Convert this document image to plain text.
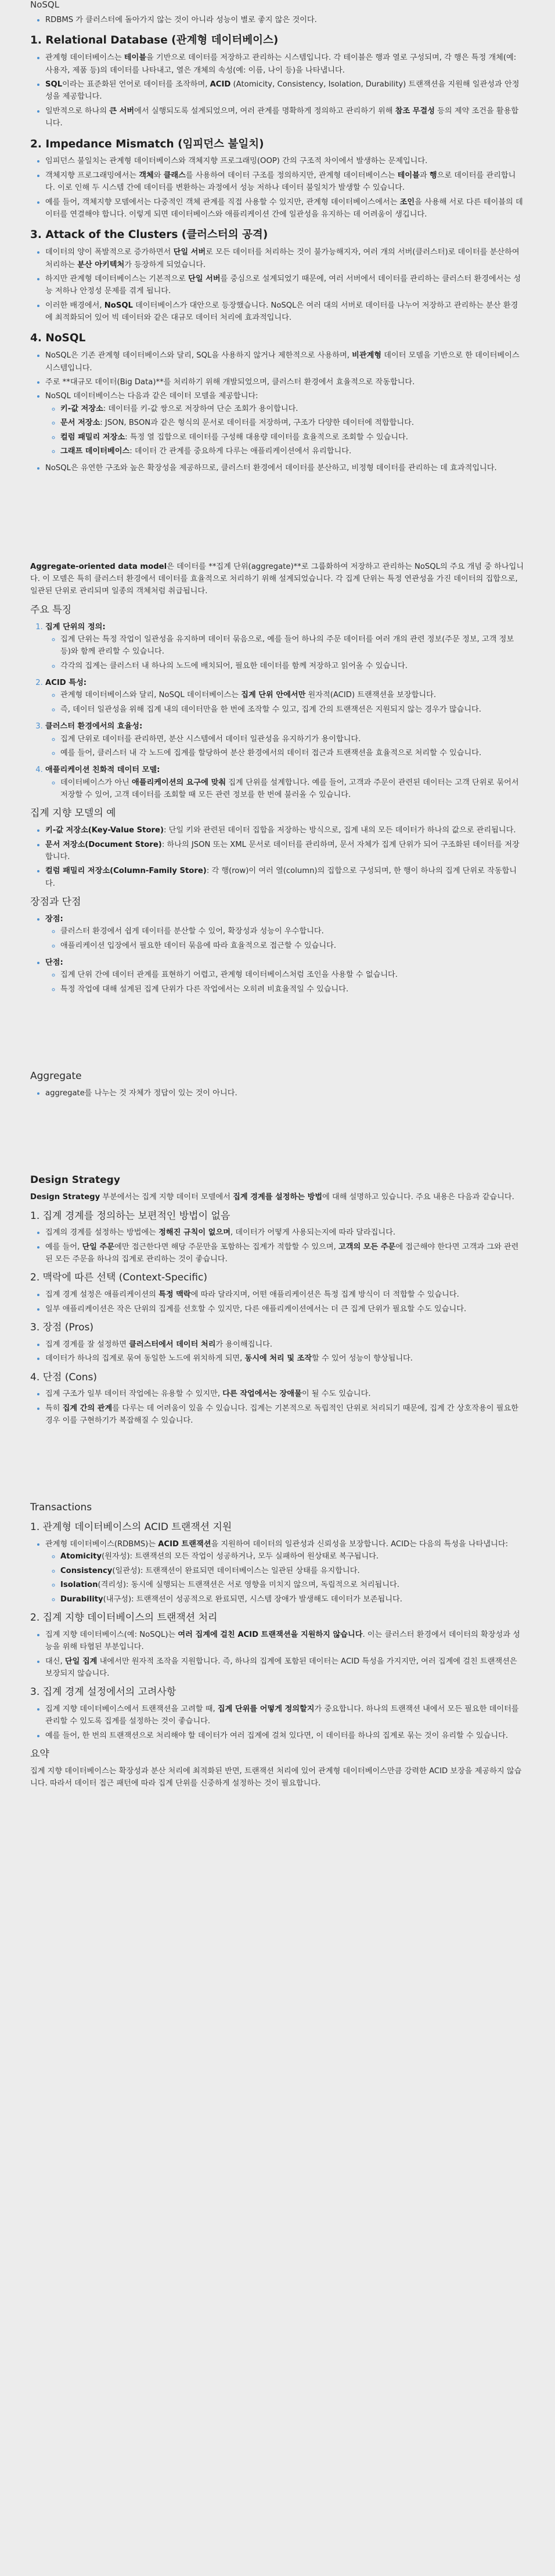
NoSQL
• RDBMS 가 클러스터에 돌아가지 않는 것이 아니라 성능이 별로 좋지 않은 것이다.
1. Relational Database (관계형 데이터베이스)
• 관계형 데이터베이스는 테이블을 기반으로 데이터를 저장하고 관리하는 시스템입니다. 각 테이블은 행과 열로 구성되며, 각 행은 특정 개체(예: 사용자, 제품 등)의 데이터를 나타내고, 열은 개체의 속성(예: 이름, 나이 등)을 나타냅니다.
• SQL이라는 표준화된 언어로 데이터를 조작하며, ACID (Atomicity, Consistency, Isolation, Durability) 트랜잭션을 지원해 일관성과 안정성을 제공합니다.
• 일반적으로 하나의 큰 서버에서 실행되도록 설계되었으며, 여러 관계를 명확하게 정의하고 관리하기 위해 참조 무결성 등의 제약 조건을 활용합니다.
2. Impedance Mismatch (임피던스 불일치)
• 임피던스 불일치는 관계형 데이터베이스와 객체지향 프로그래밍(OOP) 간의 구조적 차이에서 발생하는 문제입니다.
• 객체지향 프로그래밍에서는 객체와 클래스를 사용하여 데이터 구조를 정의하지만, 관계형 데이터베이스는 테이블과 행으로 데이터를 관리합니다. 이로 인해 두 시스템 간에 데이터를 변환하는 과정에서 성능 저하나 데이터 불일치가 발생할 수 있습니다.
• 예를 들어, 객체지향 모델에서는 다중적인 객체 관계를 직접 사용할 수 있지만, 관계형 데이터베이스에서는 조인을 사용해 서로 다른 테이블의 데이터를 연결해야 합니다. 이렇게 되면 데이터베이스와 애플리케이션 간에 일관성을 유지하는 데 어려움이 생깁니다.
3. Attack of the Clusters (클러스터의 공격)
• 데이터의 양이 폭발적으로 증가하면서 단일 서버로 모든 데이터를 처리하는 것이 불가능해지자, 여러 개의 서버(클러스터)로 데이터를 분산하여 처리하는 분산 아키텍처가 등장하게 되었습니다.
• 하지만 관계형 데이터베이스는 기본적으로 단일 서버를 중심으로 설계되었기 때문에, 여러 서버에서 데이터를 관리하는 클러스터 환경에서는 성능 저하나 안정성 문제를 겪게 됩니다.
• 이러한 배경에서, NoSQL 데이터베이스가 대안으로 등장했습니다. NoSQL은 여러 대의 서버로 데이터를 나누어 저장하고 관리하는 분산 환경에 최적화되어 있어 빅 데이터와 같은 대규모 데이터 처리에 효과적입니다.
4. NoSQL
• NoSQL은 기존 관계형 데이터베이스와 달리, SQL을 사용하지 않거나 제한적으로 사용하며, 비관계형 데이터 모델을 기반으로 한 데이터베이스 시스템입니다.
• 주로 **대규모 데이터(Big Data)**를 처리하기 위해 개발되었으며, 클러스터 환경에서 효율적으로 작동합니다.
• NoSQL 데이터베이스는 다음과 같은 데이터 모델을 제공합니다:
◦ 키-값 저장소: 데이터를 키-값 쌍으로 저장하여 단순 조회가 용이합니다.
◦ 문서 저장소: JSON, BSON과 같은 형식의 문서로 데이터를 저장하며, 구조가 다양한 데이터에 적합합니다.
◦ 컬럼 패밀리 저장소: 특정 열 집합으로 데이터를 구성해 대용량 데이터를 효율적으로 조회할 수 있습니다.
◦ 그래프 데이터베이스: 데이터 간 관계를 중요하게 다루는 애플리케이션에서 유리합니다.
• NoSQL은 유연한 구조와 높은 확장성을 제공하므로, 클러스터 환경에서 데이터를 분산하고, 비정형 데이터를 관리하는 데 효과적입니다.

Aggregate-oriented data model은 데이터를 **집계 단위(aggregate)**로 그룹화하여 저장하고 관리하는 NoSQL의 주요 개념 중 하나입니다. 이 모델은 특히 클러스터 환경에서 데이터를 효율적으로 처리하기 위해 설계되었습니다. 각 집계 단위는 특정 연관성을 가진 데이터의 집합으로, 일관된 단위로 관리되며 일종의 객체처럼 취급됩니다.

주요 특징
1. 집계 단위의 정의:
◦ 집계 단위는 특정 작업이 일관성을 유지하며 데이터 묶음으로, 예를 들어 하나의 주문 데이터를 여러 개의 관련 정보(주문 정보, 고객 정보 등)와 함께 관리할 수 있습니다.
◦ 각각의 집계는 클러스터 내 하나의 노드에 배치되어, 필요한 데이터를 함께 저장하고 읽어올 수 있습니다.
2. ACID 특성:
◦ 관계형 데이터베이스와 달리, NoSQL 데이터베이스는 집계 단위 안에서만 원자적(ACID) 트랜잭션을 보장합니다.
◦ 즉, 데이터 일관성을 위해 집계 내의 데이터만을 한 번에 조작할 수 있고, 집계 간의 트랜잭션은 지원되지 않는 경우가 많습니다.
3. 클러스터 환경에서의 효율성:
◦ 집계 단위로 데이터를 관리하면, 분산 시스템에서 데이터 일관성을 유지하기가 용이합니다.
◦ 예를 들어, 클러스터 내 각 노드에 집계를 할당하여 분산 환경에서의 데이터 접근과 트랜잭션을 효율적으로 처리할 수 있습니다.
4. 애플리케이션 친화적 데이터 모델:
◦ 데이터베이스가 아닌 애플리케이션의 요구에 맞춰 집계 단위를 설계합니다. 예를 들어, 고객과 주문이 관련된 데이터는 고객 단위로 묶어서 저장할 수 있어, 고객 데이터를 조회할 때 모든 관련 정보를 한 번에 불러올 수 있습니다.
집계 지향 모델의 예
• 키-값 저장소(Key-Value Store): 단일 키와 관련된 데이터 집합을 저장하는 방식으로, 집계 내의 모든 데이터가 하나의 값으로 관리됩니다.
• 문서 저장소(Document Store): 하나의 JSON 또는 XML 문서로 데이터를 관리하며, 문서 자체가 집계 단위가 되어 구조화된 데이터를 저장합니다.
• 컬럼 패밀리 저장소(Column-Family Store): 각 행(row)이 여러 열(column)의 집합으로 구성되며, 한 행이 하나의 집계 단위로 작동합니다.
장점과 단점
• 장점:
◦ 클러스터 환경에서 쉽게 데이터를 분산할 수 있어, 확장성과 성능이 우수합니다.
◦ 애플리케이션 입장에서 필요한 데이터 묶음에 따라 효율적으로 접근할 수 있습니다.
• 단점:
◦ 집계 단위 간에 데이터 관계를 표현하기 어렵고, 관계형 데이터베이스처럼 조인을 사용할 수 없습니다.
◦ 특정 작업에 대해 설계된 집계 단위가 다른 작업에서는 오히려 비효율적일 수 있습니다.
Aggregate
• aggregate를 나누는 것 자체가 정답이 있는 것이 아니다.
Design Strategy

Design Strategy 부분에서는 집계 지향 데이터 모델에서 집계 경계를 설정하는 방법에 대해 설명하고 있습니다. 주요 내용은 다음과 같습니다.

1. 집계 경계를 정의하는 보편적인 방법이 없음
• 집계의 경계를 설정하는 방법에는 정해진 규칙이 없으며, 데이터가 어떻게 사용되는지에 따라 달라집니다.
• 예를 들어, 단일 주문에만 접근한다면 해당 주문만을 포함하는 집계가 적합할 수 있으며, 고객의 모든 주문에 접근해야 한다면 고객과 그와 관련된 모든 주문을 하나의 집계로 관리하는 것이 좋습니다.
2. 맥락에 따른 선택 (Context-Specific)
• 집계 경계 설정은 애플리케이션의 특정 맥락에 따라 달라지며, 어떤 애플리케이션은 특정 집계 방식이 더 적합할 수 있습니다.
• 일부 애플리케이션은 작은 단위의 집계를 선호할 수 있지만, 다른 애플리케이션에서는 더 큰 집계 단위가 필요할 수도 있습니다.
3. 장점 (Pros)
• 집계 경계를 잘 설정하면 클러스터에서 데이터 처리가 용이해집니다.
• 데이터가 하나의 집계로 묶여 동일한 노드에 위치하게 되면, 동시에 처리 및 조작할 수 있어 성능이 향상됩니다.
4. 단점 (Cons)
• 집계 구조가 일부 데이터 작업에는 유용할 수 있지만, 다른 작업에서는 장애물이 될 수도 있습니다.
• 특히 집계 간의 관계를 다루는 데 어려움이 있을 수 있습니다. 집계는 기본적으로 독립적인 단위로 처리되기 때문에, 집계 간 상호작용이 필요한 경우 이를 구현하기가 복잡해질 수 있습니다.
Transactions
1. 관계형 데이터베이스의 ACID 트랜잭션 지원
• 관계형 데이터베이스(RDBMS)는 ACID 트랜잭션을 지원하여 데이터의 일관성과 신뢰성을 보장합니다. ACID는 다음의 특성을 나타냅니다:
◦ Atomicity(원자성): 트랜잭션의 모든 작업이 성공하거나, 모두 실패하여 원상태로 복구됩니다.
◦ Consistency(일관성): 트랜잭션이 완료되면 데이터베이스는 일관된 상태를 유지합니다.
◦ Isolation(격리성): 동시에 실행되는 트랜잭션은 서로 영향을 미치지 않으며, 독립적으로 처리됩니다.
◦ Durability(내구성): 트랜잭션이 성공적으로 완료되면, 시스템 장애가 발생해도 데이터가 보존됩니다.
2. 집계 지향 데이터베이스의 트랜잭션 처리
• 집계 지향 데이터베이스(예: NoSQL)는 여러 집계에 걸친 ACID 트랜잭션을 지원하지 않습니다. 이는 클러스터 환경에서 데이터의 확장성과 성능을 위해 타협된 부분입니다.
• 대신, 단일 집계 내에서만 원자적 조작을 지원합니다. 즉, 하나의 집계에 포함된 데이터는 ACID 특성을 가지지만, 여러 집계에 걸친 트랜잭션은 보장되지 않습니다.
3. 집계 경계 설정에서의 고려사항
• 집계 지향 데이터베이스에서 트랜잭션을 고려할 때, 집계 단위를 어떻게 정의할지가 중요합니다. 하나의 트랜잭션 내에서 모든 필요한 데이터를 관리할 수 있도록 집계를 설정하는 것이 좋습니다.
• 예를 들어, 한 번의 트랜잭션으로 처리해야 할 데이터가 여러 집계에 걸쳐 있다면, 이 데이터를 하나의 집계로 묶는 것이 유리할 수 있습니다.
요약

집계 지향 데이터베이스는 확장성과 분산 처리에 최적화된 반면, 트랜잭션 처리에 있어 관계형 데이터베이스만큼 강력한 ACID 보장을 제공하지 않습니다. 따라서 데이터 접근 패턴에 따라 집계 단위를 신중하게 설정하는 것이 필요합니다.
